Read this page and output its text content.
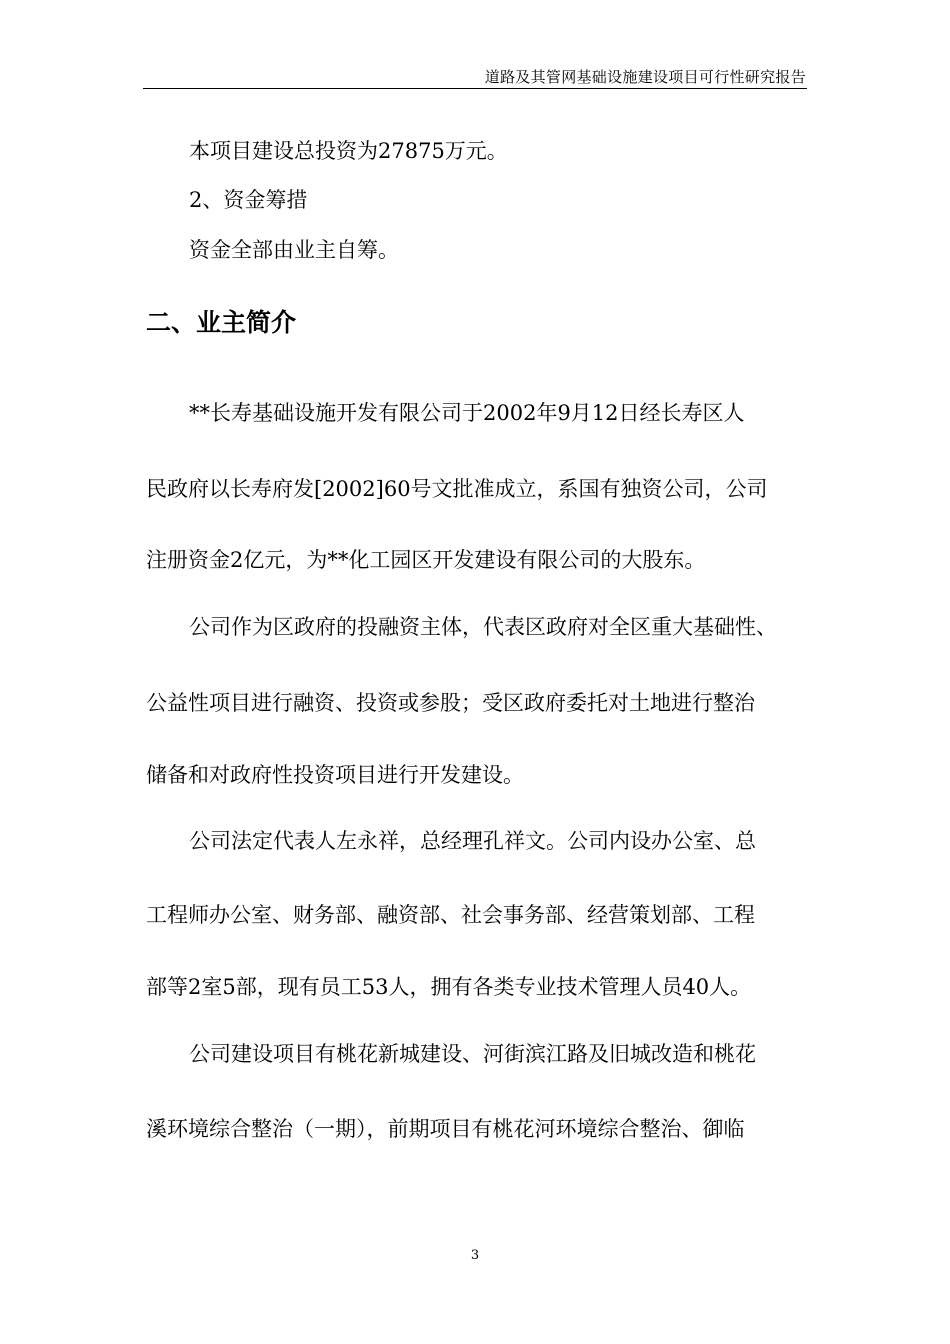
道路及其管网基础设施建设项目可行性研究报告
本项目建设总投资为27875万元。
2、资金筹措
资金全部由业主自筹。
二、业主简介
**长寿基础设施开发有限公司于2002年9月12日经长寿区人
民政府以长寿府发[2002]60号文批准成立，系国有独资公司，公司
注册资金2亿元，为**化工园区开发建设有限公司的大股东。
公司作为区政府的投融资主体，代表区政府对全区重大基础性、
公益性项目进行融资、投资或参股；受区政府委托对土地进行整治
储备和对政府性投资项目进行开发建设。
公司法定代表人左永祥，总经理孔祥文。公司内设办公室、总
工程师办公室、财务部、融资部、社会事务部、经营策划部、工程
部等2室5部，现有员工53人，拥有各类专业技术管理人员40人。
公司建设项目有桃花新城建设、河街滨江路及旧城改造和桃花
溪环境综合整治（一期），前期项目有桃花河环境综合整治、御临
3
